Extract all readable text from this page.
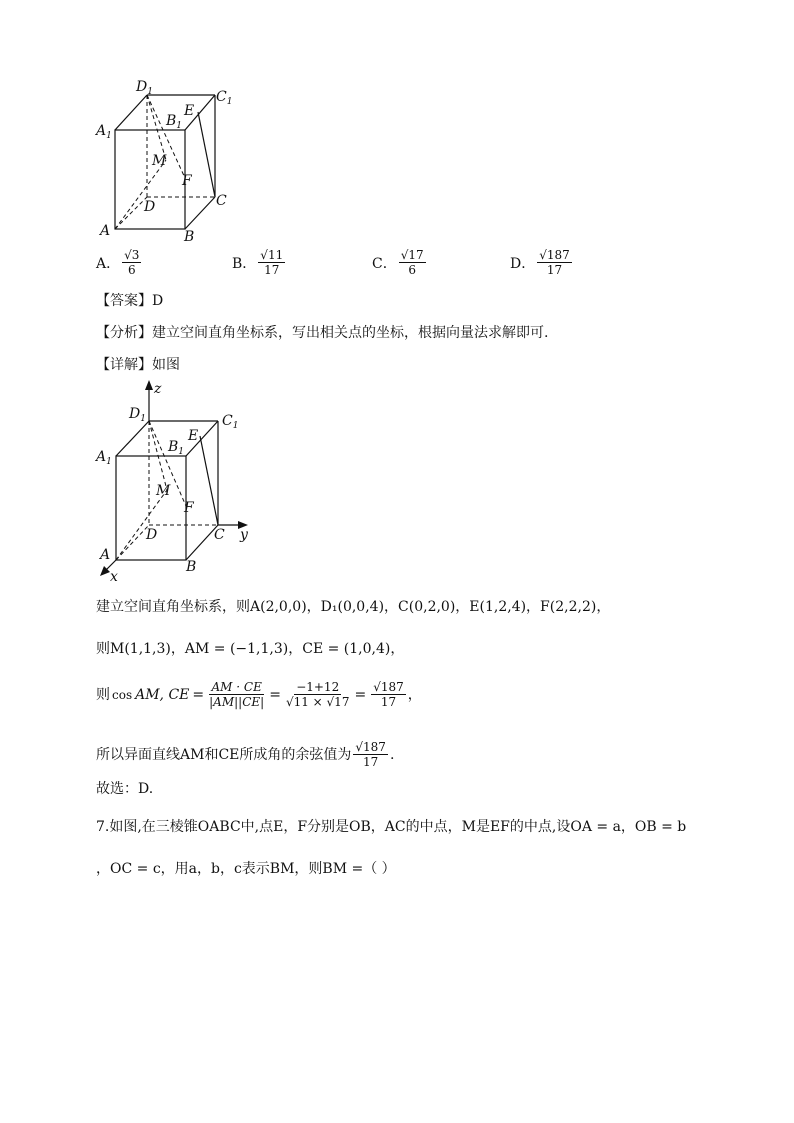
$D_1$	$C_1$
$A_1$
$B_1$
E
M
F
D	C
A	B
A． $\frac{√3}{6}$	B． $\frac{√11}{17}$	C． $\frac{√17}{6}$	D． $\frac{√187}{17}$
【答案】D
【分析】建立空间直角坐标系，写出相关点的坐标，根据向量法求解即可.
【详解】如图
z
y
x
$D_1$	$C_1$
$A_1$
$B_1$
E
M
F
D	C
A
B
建立空间直角坐标系，则A(2,0,0)，D₁(0,0,4)，C(0,2,0)，E(1,2,4)，F(2,2,2)，
则M(1,1,3)，AM = (−1,1,3)，CE = (1,0,4)，
则 cos AM, CE = $\frac{AM \cdot CE}{|AM||CE|} = \frac{-1+12}{√11 \times √17} = \frac{√187}{17}$ ，
所以异面直线AM和CE所成角的余弦值为 $\frac{√187}{17}$ .
故选：D.
7.如图,在三棱锥OABC中,点E，F分别是OB，AC的中点，M是EF的中点,设OA = a，OB = b
，OC = c，用a，b，c表示BM，则BM =（ ）
